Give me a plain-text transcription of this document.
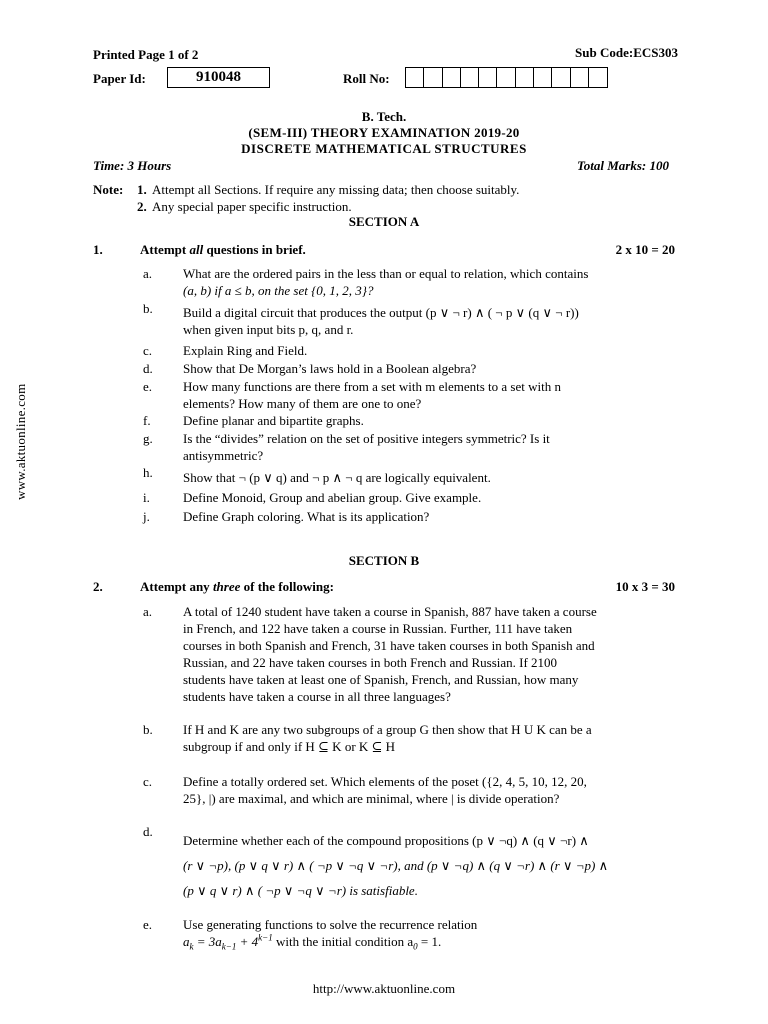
www.aktuonline.com
Printed Page 1 of 2	Sub Code:ECS303
Paper Id:	910048	Roll No:
B. Tech.
(SEM-III) THEORY EXAMINATION 2019-20
DISCRETE MATHEMATICAL STRUCTURES
Time: 3 Hours	Total Marks: 100
Note: 1. Attempt all Sections. If require any missing data; then choose suitably.
2. Any special paper specific instruction.
SECTION A
1.	Attempt all questions in brief.	2 x 10 = 20
a. What are the ordered pairs in the less than or equal to relation, which contains
(a, b) if a ≤ b, on the set {0, 1, 2, 3}?
b. Build a digital circuit that produces the output (p ∨ ¬ r) ∧ ( ¬ p ∨ (q ∨ ¬ r))
when given input bits p, q, and r.
c. Explain Ring and Field.
d. Show that De Morgan’s laws hold in a Boolean algebra?
e. How many functions are there from a set with m elements to a set with n
elements? How many of them are one to one?
f. Define planar and bipartite graphs.
g. Is the “divides” relation on the set of positive integers symmetric? Is it
antisymmetric?
h. Show that ¬ (p ∨ q) and ¬ p ∧ ¬ q are logically equivalent.
i.	Define Monoid, Group and abelian group. Give example.
j.	Define Graph coloring. What is its application?
SECTION B
2.	Attempt any three of the following:	10 x 3 = 30
a. A total of 1240 student have taken a course in Spanish, 887 have taken a course
in French, and 122 have taken a course in Russian. Further, 111 have taken
courses in both Spanish and French, 31 have taken courses in both Spanish and
Russian, and 22 have taken courses in both French and Russian. If 2100
students have taken at least one of Spanish, French, and Russian, how many
students have taken a course in all three languages?
b. If H and K are any two subgroups of a group G then show that H U K can be a
subgroup if and only if H ⊆ K or K ⊆ H
c. Define a totally ordered set. Which elements of the poset ({2, 4, 5, 10, 12, 20,
25}, |) are maximal, and which are minimal, where | is divide operation?
d.
Determine whether each of the compound propositions (p ∨ ¬q) ∧ (q ∨ ¬r) ∧
(r ∨ ¬p), (p ∨ q ∨ r) ∧ ( ¬p ∨ ¬q ∨ ¬r), and (p ∨ ¬q) ∧ (q ∨ ¬r) ∧ (r ∨ ¬p) ∧
(p ∨ q ∨ r) ∧ ( ¬p ∨ ¬q ∨ ¬r) is satisfiable.
e. Use generating functions to solve the recurrence relation
$a_k = 3a_{k-1} + 4^{k-1}$ with the initial condition $a_0 = 1$.
http://www.aktuonline.com
